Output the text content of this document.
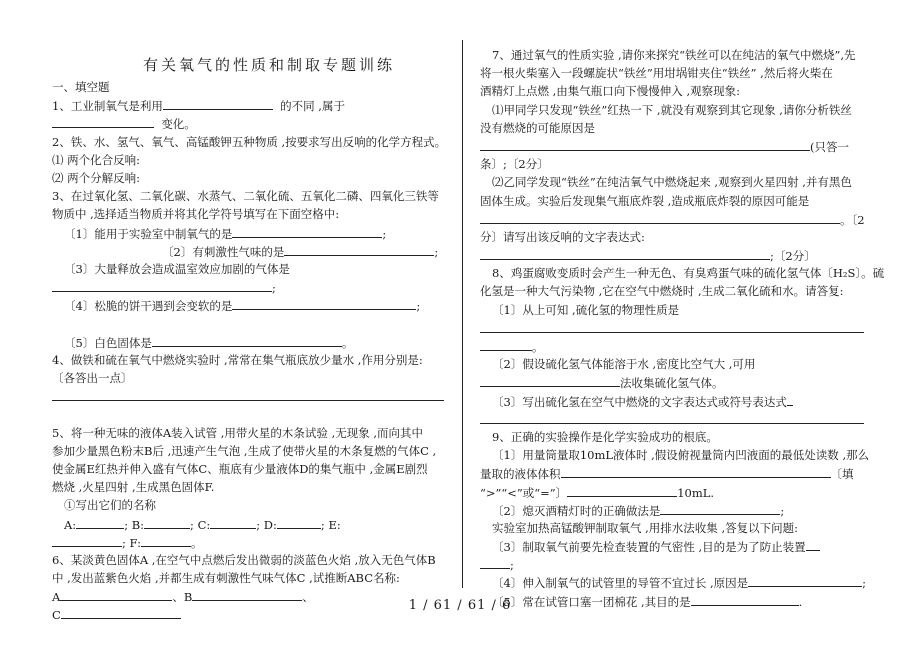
有关氧气的性质和制取专题训练
一、填空题
1、工业制氧气是利用	的不同 ,属于
变化。
2、铁、水、氢气、氧气、高锰酸钾五种物质 ,按要求写出反响的化学方程式。
⑴ 两个化合反响:
⑵ 两个分解反响:
3、在过氧化氢、二氧化碳、水蒸气、二氧化硫、五氧化二磷、四氧化三铁等
物质中 ,选择适当物质并将其化学符号填写在下面空格中:
〔1〕能用于实验室中制氧气的是	;
〔2〕有刺激性气味的是	;
〔3〕大量释放会造成温室效应加剧的气体是
;
〔4〕松脆的饼干遇到会变软的是	;
〔5〕白色固体是	。
4、做铁和硫在氧气中燃烧实验时 ,常常在集气瓶底放少量水 ,作用分别是:
〔各答出一点〕
5、将一种无味的液体A装入试管 ,用带火星的木条试验 ,无现象 ,而向其中
参加少量黑色粉末B后 ,迅速产生气泡 ,生成了使带火星的木条复燃的气体C ,
使金属E红热并伸入盛有气体C、瓶底有少量液体D的集气瓶中 ,金属E剧烈
燃烧 ,火星四射 ,生成黑色固体F.
①写出它们的名称
A:	; B:	; C:	; D:	; E:
; F:	。
6、某淡黄色固体A ,在空气中点燃后发出微弱的淡蓝色火焰 ,放入无色气体B
中 ,发出蓝紫色火焰 ,并都生成有刺激性气味气体C ,试推断ABC名称:
A	、B	、
C
7、通过氧气的性质实验 ,请你来探究“铁丝可以在纯洁的氧气中燃烧”,先
将一根火柴塞入一段螺旋状“铁丝”用坩埚钳夹住“铁丝” ,然后将火柴在
酒精灯上点燃 ,由集气瓶口向下慢慢伸入 ,观察现象:
⑴甲同学只发现“铁丝”红热一下 ,就没有观察到其它现象 ,请你分析铁丝
没有燃烧的可能原因是
(只答一
条〕;〔2分〕
⑵乙同学发现“铁丝”在纯洁氧气中燃烧起来 ,观察到火星四射 ,并有黑色
固体生成。实验后发现集气瓶底炸裂 ,造成瓶底炸裂的原因可能是
。〔2
分〕请写出该反响的文字表达式:
;〔2分〕
8、鸡蛋腐败变质时会产生一种无色、有臭鸡蛋气味的硫化氢气体〔H₂S〕。硫
化氢是一种大气污染物 ,它在空气中燃烧时 ,生成二氧化硫和水。请答复:
〔1〕从上可知 ,硫化氢的物理性质是
。
〔2〕假设硫化氢气体能溶于水 ,密度比空气大 ,可用
法收集硫化氢气体。
〔3〕写出硫化氢在空气中燃烧的文字表达式或符号表达式
9、正确的实验操作是化学实验成功的根底。
〔1〕用量筒量取10mL液体时 ,假设俯视量筒内凹液面的最低处读数 ,那么
量取的液体体积	〔填
“>”“<”或“=”〕	10mL.
〔2〕熄灭酒精灯时的正确做法是	;
实验室加热高锰酸钾制取氧气 ,用排水法收集 ,答复以下问题:
〔3〕制取氧气前要先检查装置的气密性 ,目的是为了防止装置
;
〔4〕伸入制氧气的试管里的导管不宜过长 ,原因是	;
〔5〕常在试管口塞一团棉花 ,其目的是	.
1 / 61 / 61 / 6
